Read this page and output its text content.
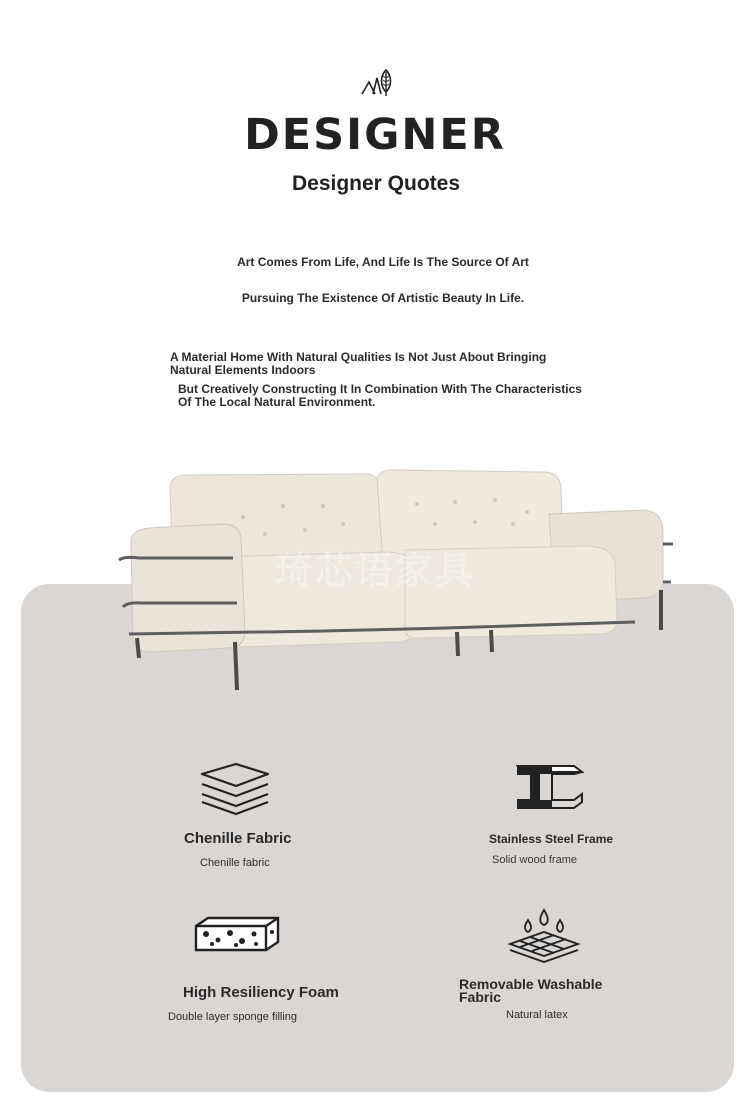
DESIGNER
Designer Quotes
Art Comes From Life, And Life Is The Source Of Art
Pursuing The Existence Of Artistic Beauty In Life.
A Material Home With Natural Qualities Is Not Just About Bringing Natural Elements Indoors
But Creatively Constructing It In Combination With The Characteristics Of The Local Natural Environment.
琦芯语家具
Chenille Fabric
Chenille fabric
Stainless Steel Frame
Solid wood frame
High Resiliency Foam
Double layer sponge filling
Removable Washable Fabric
Natural latex
